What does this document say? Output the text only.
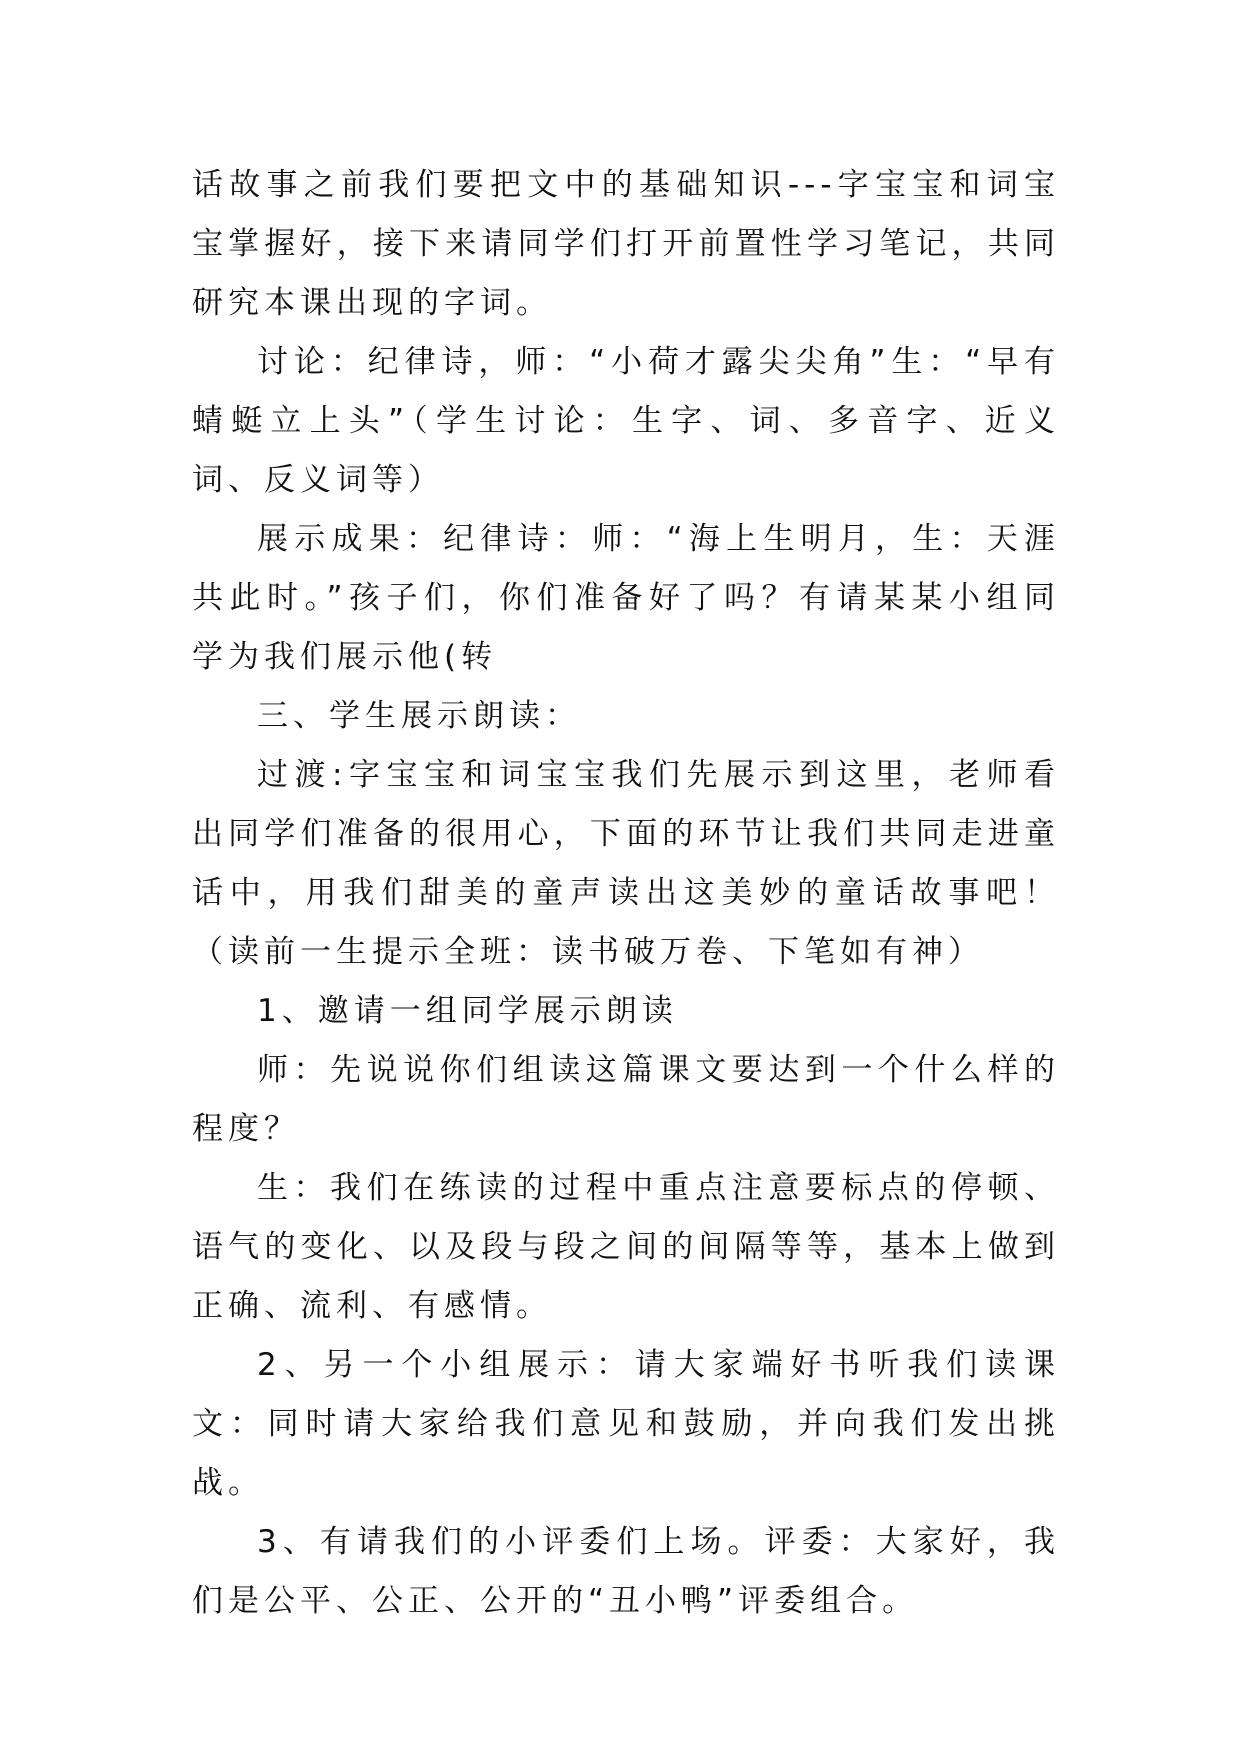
话故事之前我们要把文中的基础知识---字宝宝和词宝宝掌握好，接下来请同学们打开前置性学习笔记，共同研究本课出现的字词。

讨论：纪律诗，师：“小荷才露尖尖角”生：“早有蜻蜓立上头”（学生讨论：生字、词、多音字、近义词、反义词等）

展示成果：纪律诗：师：“海上生明月，生：天涯共此时。”孩子们，你们准备好了吗？有请某某小组同学为我们展示他(转

三、学生展示朗读：

过渡:字宝宝和词宝宝我们先展示到这里，老师看出同学们准备的很用心，下面的环节让我们共同走进童话中，用我们甜美的童声读出这美妙的童话故事吧！（读前一生提示全班：读书破万卷、下笔如有神）

1、邀请一组同学展示朗读

师：先说说你们组读这篇课文要达到一个什么样的程度？

生：我们在练读的过程中重点注意要标点的停顿、语气的变化、以及段与段之间的间隔等等，基本上做到正确、流利、有感情。

2、另一个小组展示：请大家端好书听我们读课文：同时请大家给我们意见和鼓励，并向我们发出挑战。

3、有请我们的小评委们上场。评委：大家好，我们是公平、公正、公开的“丑小鸭”评委组合。
